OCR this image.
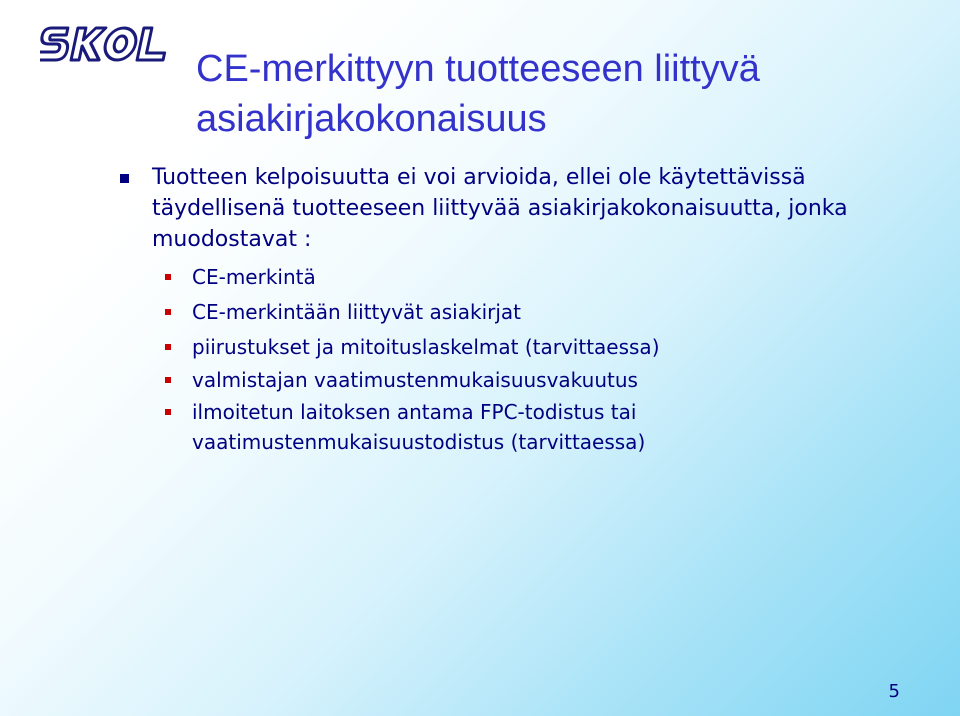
CE-merkittyyn tuotteeseen liittyvä asiakirjakokonaisuus
Tuotteen kelpoisuutta ei voi arvioida, ellei ole käytettävissä täydellisenä tuotteeseen liittyvää asiakirjakokonaisuutta, jonka muodostavat :
CE-merkintä
CE-merkintään liittyvät asiakirjat
piirustukset ja mitoituslaskelmat (tarvittaessa)
valmistajan vaatimustenmukaisuusvakuutus
ilmoitetun laitoksen antama FPC-todistus tai vaatimustenmukaisuustodistus (tarvittaessa)
5
